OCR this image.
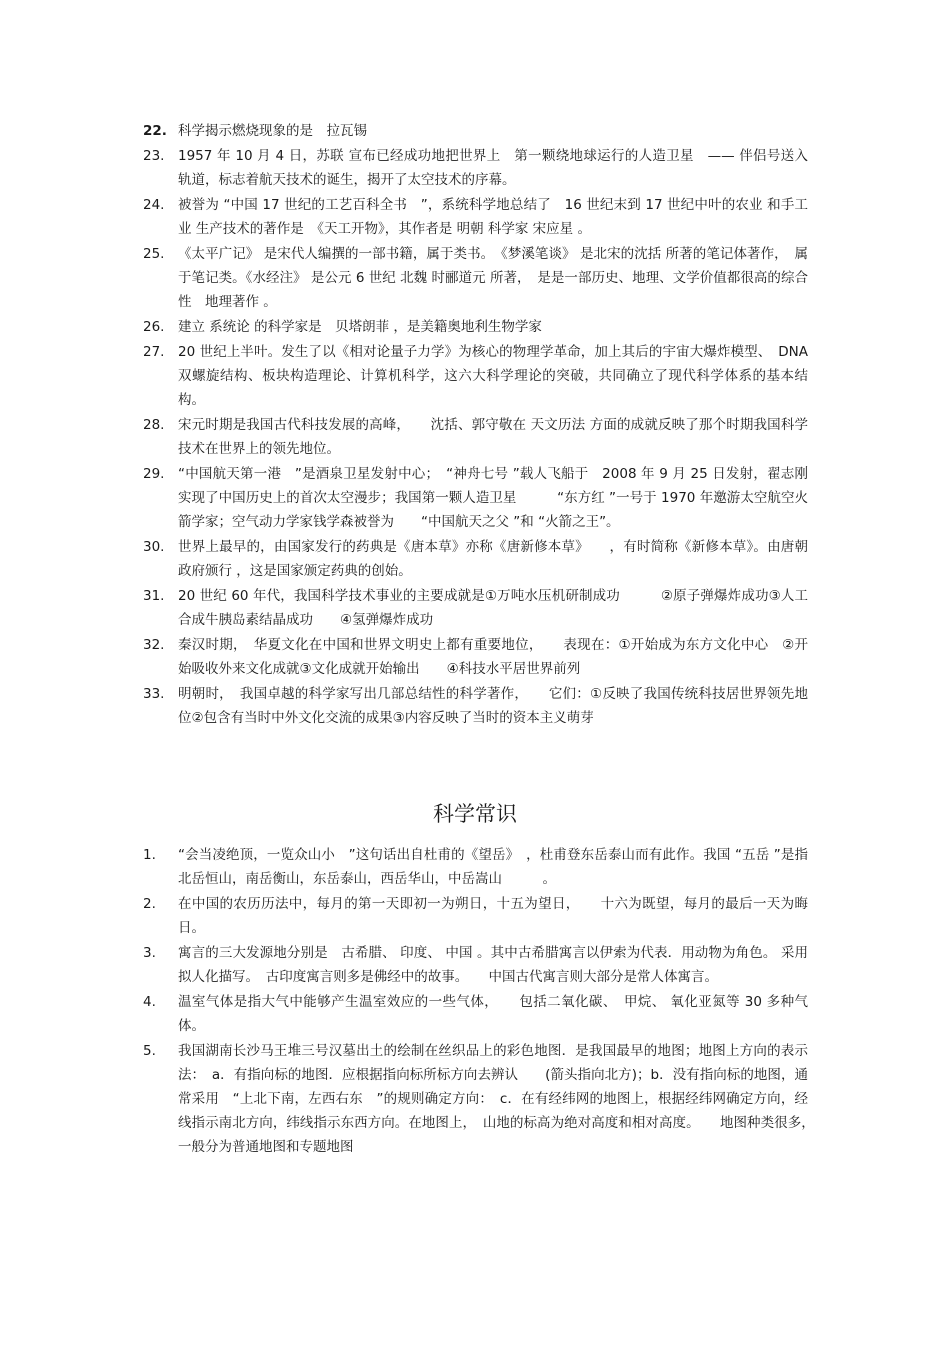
22. 科学揭示燃烧现象的是　拉瓦锡
23. 1957 年 10 月 4 日，苏联 宣布已经成功地把世界上　第一颗绕地球运行的人造卫星　—— 伴侣号送入轨道，标志着航天技术的诞生，揭开了太空技术的序幕。
24. 被誉为 “中国 17 世纪的工艺百科全书　”，系统科学地总结了　16 世纪末到 17 世纪中叶的农业 和手工业 生产技术的著作是　《天工开物》，其作者是 明朝 科学家 宋应星 。
25. 《太平广记》 是宋代人编撰的一部书籍，属于类书。　《梦溪笔谈》 是北宋的沈括 所著的笔记体著作，　属于笔记类。《水经注》 是公元 6 世纪 北魏 时郦道元 所著，　是是一部历史、地理、文学价值都很高的综合性　地理著作 。
26. 建立 系统论 的科学家是　贝塔朗菲 ，是美籍奥地利生物学家
27. 20 世纪上半叶。发生了以《相对论量子力学》为核心的物理学革命，加上其后的宇宙大爆炸模型、　DNA 双螺旋结构、板块构造理论、计算机科学，这六大科学理论的突破，共同确立了现代科学体系的基本结构。
28. 宋元时期是我国古代科技发展的高峰，　　沈括、郭守敬在 天文历法 方面的成就反映了那个时期我国科学技术在世界上的领先地位。
29. “中国航天第一港　”是酒泉卫星发射中心；　“神舟七号 ”载人飞船于　2008 年 9 月 25 日发射，翟志刚实现了中国历史上的首次太空漫步；我国第一颗人造卫星　　　“东方红 ”一号于 1970 年邀游太空航空火箭学家；空气动力学家钱学森被誉为　　“中国航天之父 ”和 “火箭之王”。
30. 世界上最早的，由国家发行的药典是《唐本草》亦称《唐新修本草》　　，有时简称《新修本草》。由唐朝 政府颁行 ，这是国家颁定药典的创始。
31. 20 世纪 60 年代，我国科学技术事业的主要成就是①万吨水压机研制成功　　　②原子弹爆炸成功③人工合成牛胰岛素结晶成功　　④氢弹爆炸成功
32. 秦汉时期，　华夏文化在中国和世界文明史上都有重要地位，　　表现在：①开始成为东方文化中心　②开始吸收外来文化成就③文化成就开始输出　　④科技水平居世界前列
33. 明朝时，　我国卓越的科学家写出几部总结性的科学著作，　　它们：①反映了我国传统科技居世界领先地位②包含有当时中外文化交流的成果③内容反映了当时的资本主义萌芽
科学常识
1. “会当凌绝顶，一览众山小　”这句话出自杜甫的《望岳》　，杜甫登东岳泰山而有此作。我国 “五岳 ”是指 北岳恒山，南岳衡山，东岳泰山，西岳华山，中岳嵩山　　　。
2. 在中国的农历历法中，每月的第一天即初一为朔日，十五为望日，　　十六为既望，每月的最后一天为晦日。
3. 寓言的三大发源地分别是　古希腊、 印度、 中国 。其中古希腊寓言以伊索为代表．用动物为角色。 采用拟人化描写。　古印度寓言则多是佛经中的故事。　　中国古代寓言则大部分是常人体寓言。
4. 温室气体是指大气中能够产生温室效应的一些气体，　　包括二氧化碳、　甲烷、 氧化亚氮等 30 多种气体。
5. 我国湖南长沙马王堆三号汉墓出土的绘制在丝织品上的彩色地图．是我国最早的地图；地图上方向的表示法：　a．有指向标的地图．应根据指向标所标方向去辨认　　(箭头指向北方)；b．没有指向标的地图，通常采用　“上北下南，左西右东　”的规则确定方向：　c．在有经纬网的地图上，根据经纬网确定方向，经线指示南北方向，纬线指示东西方向。在地图上，　山地的标高为绝对高度和相对高度。　　地图种类很多，　一般分为普通地图和专题地图
